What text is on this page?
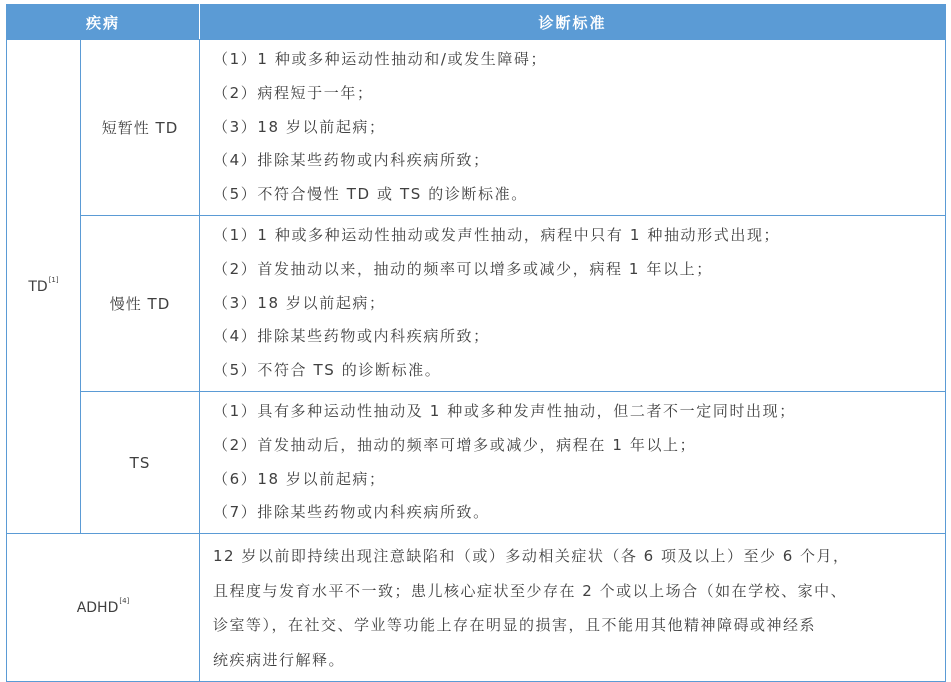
疾病		诊断标准
TD[1]	短暂性 TD	（1）1 种或多种运动性抽动和/或发生障碍；
（2）病程短于一年；
（3）18 岁以前起病；
（4）排除某些药物或内科疾病所致；
（5）不符合慢性 TD 或 TS 的诊断标准。

	慢性 TD	（1）1 种或多种运动性抽动或发声性抽动，病程中只有 1 种抽动形式出现；
（2）首发抽动以来，抽动的频率可以增多或减少，病程 1 年以上；
（3）18 岁以前起病；
（4）排除某些药物或内科疾病所致；
（5）不符合 TS 的诊断标准。

	TS	（1）具有多种运动性抽动及 1 种或多种发声性抽动，但二者不一定同时出现；
（2）首发抽动后，抽动的频率可增多或减少，病程在 1 年以上；
（6）18 岁以前起病；
（7）排除某些药物或内科疾病所致。

ADHD[4]		12 岁以前即持续出现注意缺陷和（或）多动相关症状（各 6 项及以上）至少 6 个月，
且程度与发育水平不一致；患儿核心症状至少存在 2 个或以上场合（如在学校、家中、
诊室等），在社交、学业等功能上存在明显的损害，且不能用其他精神障碍或神经系
统疾病进行解释。
